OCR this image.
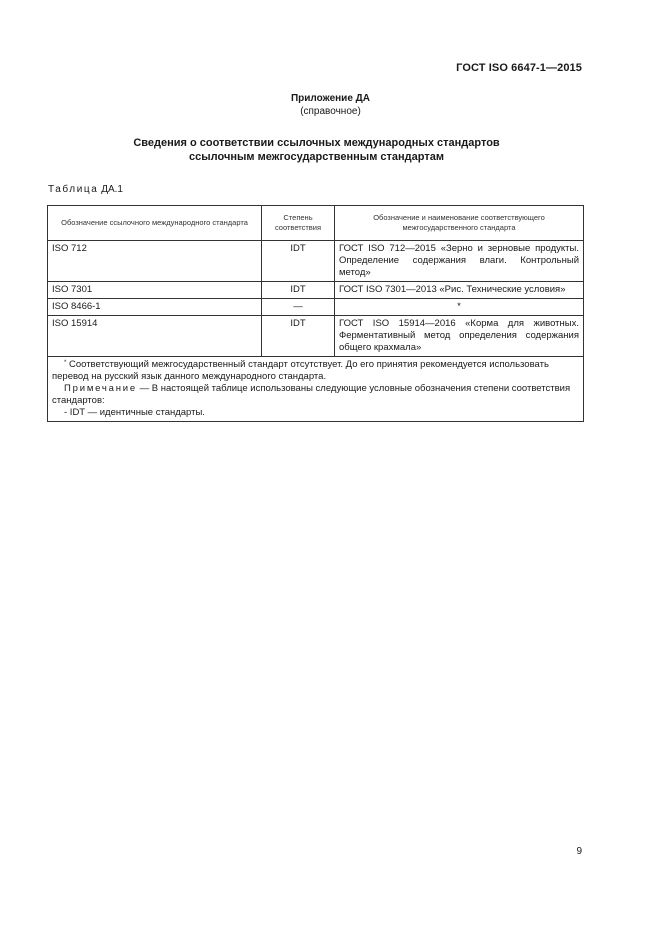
ГОСТ ISO 6647-1—2015
Приложение ДА
(справочное)
Сведения о соответствии ссылочных международных стандартов
ссылочным межгосударственным стандартам
Таблица ДА.1
Обозначение ссылочного международного стандарта	Степень соответствия	Обозначение и наименование соответствующего межгосударственного стандарта
ISO 712	IDT	ГОСТ ISO 712—2015 «Зерно и зерновые продукты. Определение содержания влаги. Контрольный метод»
ISO 7301	IDT	ГОСТ ISO 7301—2013 «Рис. Технические условия»
ISO 8466-1	—	*
ISO 15914	IDT	ГОСТ ISO 15914—2016 «Корма для животных. Ферментативный метод определения содержания общего крахмала»

* Соответствующий межгосударственный стандарт отсутствует. До его принятия рекомендуется использовать перевод на русский язык данного международного стандарта.

Примечание — В настоящей таблице использованы следующие условные обозначения степени соответствия стандартов:

- IDT — идентичные стандарты.		

9
